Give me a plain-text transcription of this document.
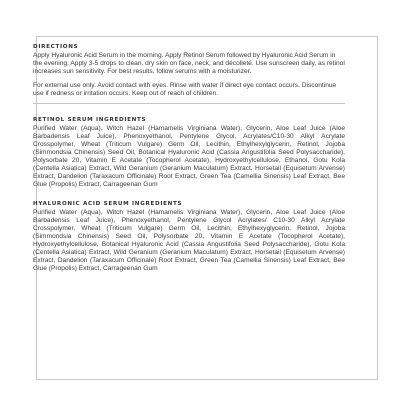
DIRECTIONS

Apply Hyaluronic Acid Serum in the morning. Apply Retinol Serum followed by Hyaluronic Acid Serum in the evening. Apply 3-5 drops to clean, dry skin on face, neck, and décolleté. Use sunscreen daily, as retinol increases sun sensitivity. For best results, follow serums with a moisturizer.

For external use only. Avoid contact with eyes. Rinse with water if direct eye contact occurs. Discontinue use if redness or irritation occurs. Keep out of reach of children.

RETINOL SERUM INGREDIENTS

Purified Water (Aqua), Witch Hazel (Hamamelis Virginiana Water), Glycerin, Aloe Leaf Juice (Aloe Barbadensis Leaf Juice), Phenoxyethanol, Pentylene Glycol, Acrylates/C10-30 Alkyl Acrylate Crosspolymer, Wheat (Triticum Vulgare) Germ Oil, Lecithin, Ethylhexylglycerin, Retinol, Jojoba (Simmondsia Chinensis) Seed Oil, Botanical Hyaluronic Acid (Cassia Angustifolia Seed Polysaccharide), Polysorbate 20, Vitamin E Acetate (Tocopherol Acetate), Hydroxyethylcellulose, Ethanol, Gotu Kola (Centella Asiatica) Extract, Wild Geranium (Geranium Maculatum) Extract, Horsetail (Equisetum Arvense) Extract, Dandelion (Taraxacum Officinale) Root Extract, Green Tea (Camellia Sinensis) Leaf Extract, Bee Glue (Propolis) Extract, Carrageenan Gum

HYALURONIC ACID SERUM INGREDIENTS

Purified Water (Aqua), Witch Hazel (Hamamelis Virginiana Water), Glycerin, Aloe Leaf Juice (Aloe Barbadensis Leaf Juice), Phenoxyethanol, Pentylene Glycol Acrylates/ C10-30 Alkyl Acrylate Crosspolymer, Wheat (Triticum Vulgare) Germ Oil, Lecithin, Ethylhexyglycerin, Retinol, Jojoba (Simmondsia Chinensis) Seed Oil, Polysorbate 20, Vitamin E Acetate (Tocopherol Acetate), Hydroxyethylcellulose, Botanical Hyaluronic Acid (Cassia Angustifolia Seed Polysaccharide), Gotu Kola (Centella Asiatica) Extract, Wild Geranium (Geranium Maculatum) Extract, Horsetail (Equisetum Arvense) Extract, Dandelion (Taraxacum Officinale) Root Extract, Green Tea (Camellia Sinensis) Leaf Extract, Bee Glue (Propolis) Extract, Carrageenan Gum
